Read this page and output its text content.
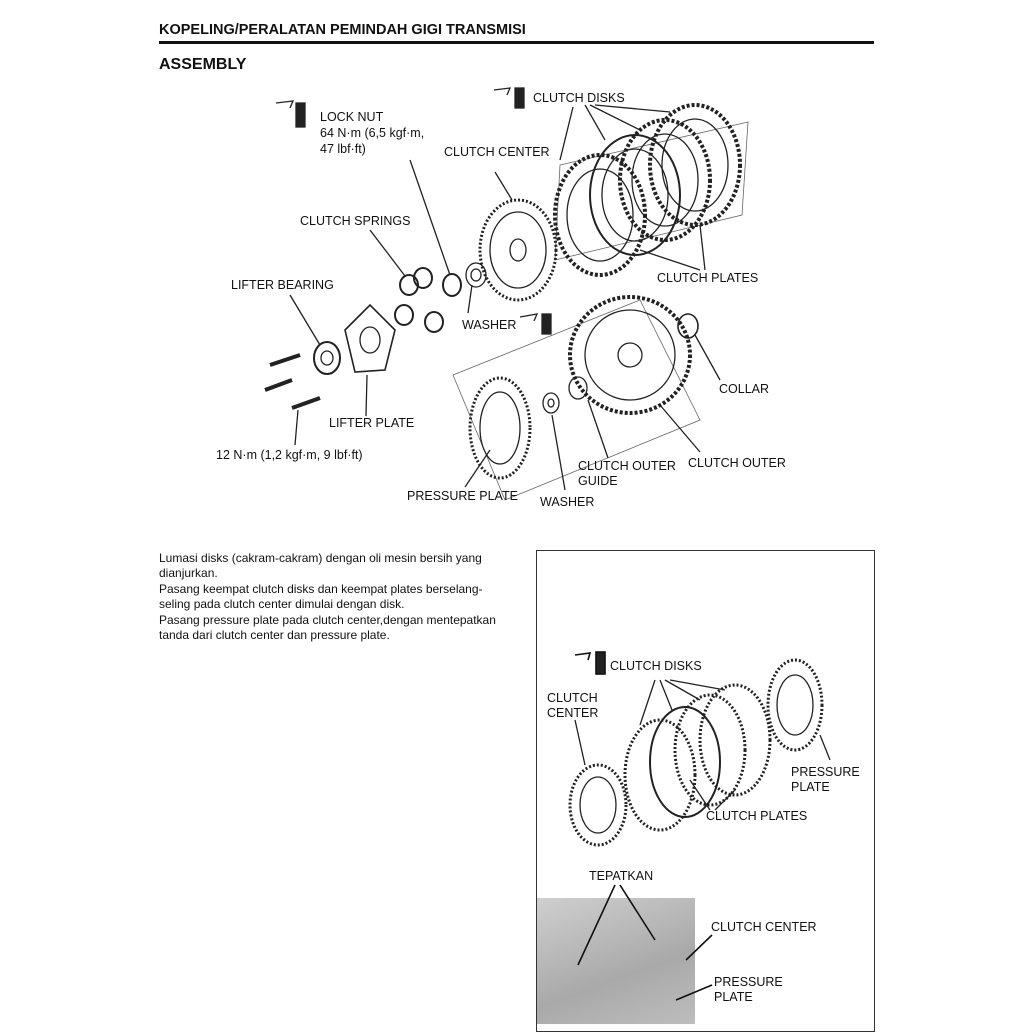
KOPELING/PERALATAN PEMINDAH GIGI TRANSMISI
ASSEMBLY
LOCK NUT
64 N·m (6,5 kgf·m,
47 lbf·ft)
CLUTCH DISKS
CLUTCH CENTER
CLUTCH SPRINGS
LIFTER BEARING	CLUTCH PLATES
WASHER
COLLAR
LIFTER PLATE
12 N·m (1,2 kgf·m, 9 lbf·ft)
CLUTCH OUTER
GUIDE
CLUTCH OUTER
PRESSURE PLATE WASHER
Lumasi disks (cakram-cakram) dengan oli mesin bersih yang
dianjurkan.
Pasang keempat clutch disks dan keempat plates berselang-
seling pada clutch center dimulai dengan disk.
Pasang pressure plate pada clutch center,dengan mentepatkan
tanda dari clutch center dan pressure plate.
CLUTCH DISKS
CLUTCH
CENTER
PRESSURE
PLATE
CLUTCH PLATES
TEPATKAN
CLUTCH CENTER
PRESSURE
PLATE
